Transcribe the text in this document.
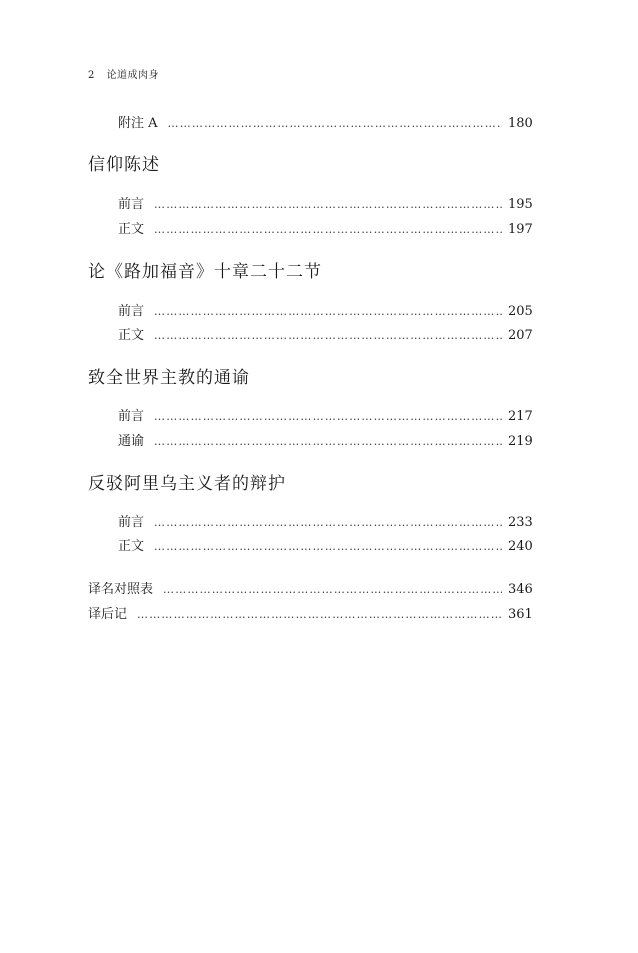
2 论道成肉身
附注 A ……………………………………………………………………………………………………………………………………………………………	180
信仰陈述
前言 ……………………………………………………………………………………………………………………………………………………………	195
正文 ……………………………………………………………………………………………………………………………………………………………	197
论《路加福音》十章二十二节
前言 ……………………………………………………………………………………………………………………………………………………………	205
正文 ……………………………………………………………………………………………………………………………………………………………	207
致全世界主教的通谕
前言 ……………………………………………………………………………………………………………………………………………………………	217
通谕 ……………………………………………………………………………………………………………………………………………………………	219
反驳阿里乌主义者的辩护
前言 ……………………………………………………………………………………………………………………………………………………………	233
正文 ……………………………………………………………………………………………………………………………………………………………	240
译名对照表 ……………………………………………………………………………………………………………………………………………………………	346
译后记 ……………………………………………………………………………………………………………………………………………………………	361
